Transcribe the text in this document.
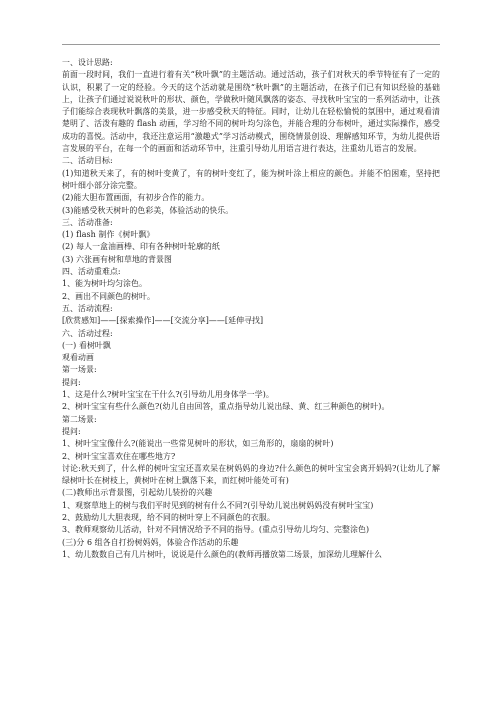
一、设计思路:

前面一段时间，我们一直进行着有关“秋叶飘”的主题活动。通过活动，孩子们对秋天的季节特征有了一定的认识，积累了一定的经验。今天的这个活动就是围绕“秋叶飘”的主题活动，在孩子们已有知识经验的基础上，让孩子们通过说说秋叶的形状、颜色，学做秋叶随风飘落的姿态、寻找秋叶宝宝的一系列活动中，让孩子们能综合表现秋叶飘落的美景，进一步感受秋天的特征。同时，让幼儿在轻松愉悦的氛围中，通过观看清楚明了、活泼有趣的 flash 动画，学习给不同的树叶均匀涂色，并能合理的分布树叶，通过实际操作，感受成功的喜悦。活动中，我还注意运用“激趣式”学习活动模式，围绕情景创设、理解感知环节，为幼儿提供语言发展的平台，在每一个的画面和活动环节中，注重引导幼儿用语言进行表达，注重幼儿语言的发展。

二、活动目标:

(1)知道秋天来了，有的树叶变黄了，有的树叶变红了，能为树叶涂上相应的颜色。并能不怕困难，坚持把树叶细小部分涂完整。

(2)能大胆布置画面，有初步合作的能力。

(3)能感受秋天树叶的色彩美，体验活动的快乐。

三、活动准备:

(1) flash 制作《树叶飘》

(2) 每人一盒油画棒、印有各种树叶轮廓的纸

(3) 六张画有树和草地的背景图

四、活动重难点:

1、能为树叶均匀涂色。

2、画出不同颜色的树叶。

五、活动流程:

[欣赏感知]——[探索操作]——[交流分享]——[延伸寻找]

六、活动过程:

(一) 看树叶飘

观看动画

第一场景:

提问:

1、这是什么?树叶宝宝在干什么?(引导幼儿用身体学一学)。

2、树叶宝宝有些什么颜色?(幼儿自由回答，重点指导幼儿说出绿、黄、红三种颜色的树叶)。

第二场景:

提问:

1、树叶宝宝像什么?(能说出一些常见树叶的形状，如三角形的，扇扇的树叶)

2、树叶宝宝喜欢住在哪些地方?

讨论:秋天到了，什么样的树叶宝宝还喜欢呆在树妈妈的身边?什么颜色的树叶宝宝会离开妈妈?(让幼儿了解绿树叶长在树枝上，黄树叶在树上飘落下来，而红树叶能处可有)

(二)教师出示背景图，引起幼儿装扮的兴趣

1、观察草地上的树与我们平时见到的树有什么不同?(引导幼儿说出树妈妈没有树叶宝宝)

2、鼓励幼儿大胆表现，给不同的树叶穿上不同颜色的衣服。

3、教师观察幼儿活动，针对不同情况给予不同的指导。(重点引导幼儿均匀、完整涂色)

(三)分 6 组各自打扮树妈妈，体验合作活动的乐趣

1、幼儿数数自己有几片树叶，说说是什么颜色的(教师再播放第二场景，加深幼儿理解什么
